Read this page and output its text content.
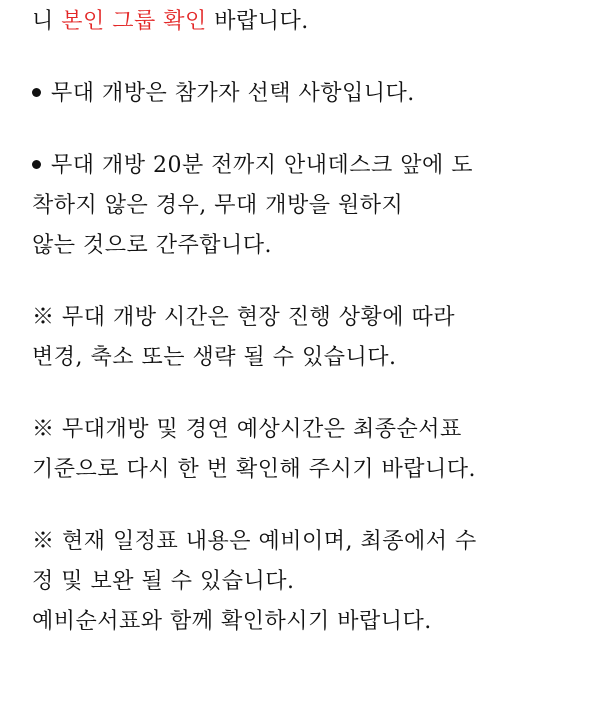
니 본인 그룹 확인 바랍니다.
무대 개방은 참가자 선택 사항입니다.
무대 개방 20분 전까지 안내데스크 앞에 도
착하지 않은 경우, 무대 개방을 원하지
않는 것으로 간주합니다.
※ 무대 개방 시간은 현장 진행 상황에 따라
변경, 축소 또는 생략 될 수 있습니다.
※ 무대개방 및 경연 예상시간은 최종순서표
기준으로 다시 한 번 확인해 주시기 바랍니다.
※ 현재 일정표 내용은 예비이며, 최종에서 수
정 및 보완 될 수 있습니다.
예비순서표와 함께 확인하시기 바랍니다.
